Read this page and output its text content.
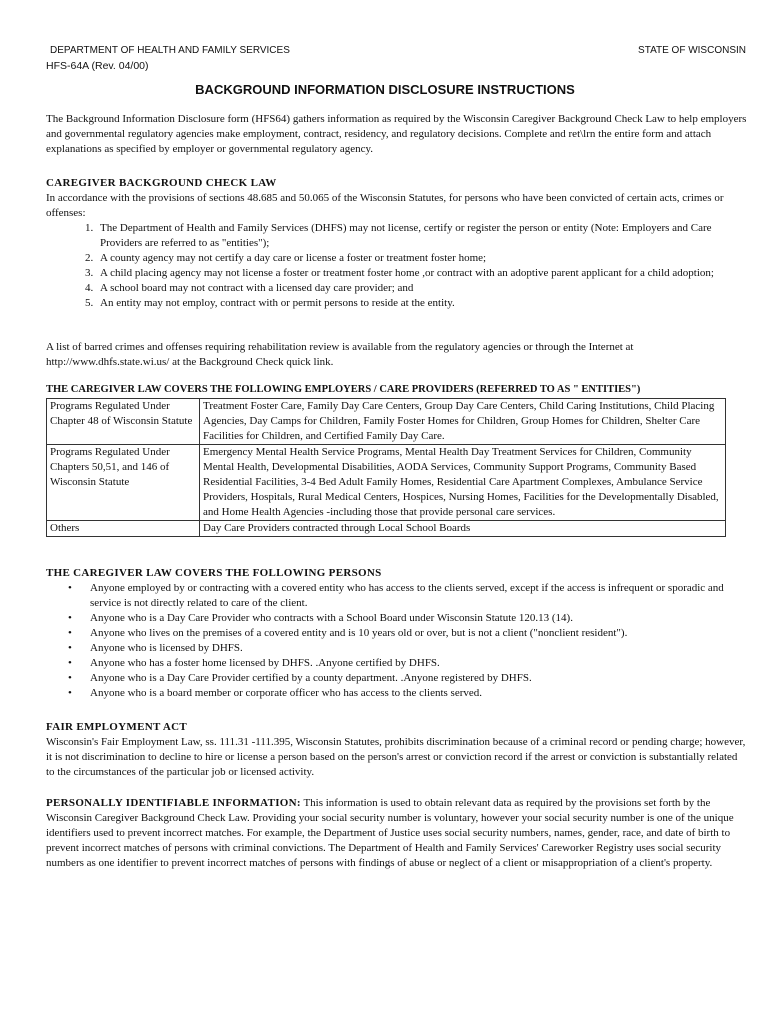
DEPARTMENT OF HEALTH AND FAMILY SERVICES	STATE OF WISCONSIN
HFS-64A (Rev. 04/00)
BACKGROUND INFORMATION DISCLOSURE INSTRUCTIONS
The Background Information Disclosure form (HFS64) gathers information as required by the Wisconsin Caregiver Background Check Law to help employers and governmental regulatory agencies make employment, contract, residency, and regulatory decisions. Complete and ret\lrn the entire form and attach explanations as specified by employer or governmental regulatory agency.
CAREGIVER BACKGROUND CHECK LAW
In accordance with the provisions of sections 48.685 and 50.065 of the Wisconsin Statutes, for persons who have been convicted of certain acts, crimes or offenses:
1. The Department of Health and Family Services (DHFS) may not license, certify or register the person or entity (Note: Employers and Care Providers are referred to as "entities");
2. A county agency may not certify a day care or license a foster or treatment foster home;
3. A child placing agency may not license a foster or treatment foster home ,or contract with an adoptive parent applicant for a child adoption;
4. A school board may not contract with a licensed day care provider; and
5. An entity may not employ, contract with or permit persons to reside at the entity.
A list of barred crimes and offenses requiring rehabilitation review is available from the regulatory agencies or through the Internet at http://www.dhfs.state.wi.us/ at the Background Check quick link.
THE CAREGIVER LAW COVERS THE FOLLOWING EMPLOYERS / CARE PROVIDERS (REFERRED TO AS " ENTITIES")
Programs Regulated Under Chapter 48 of Wisconsin Statute	Treatment Foster Care, Family Day Care Centers, Group Day Care Centers, Child Caring Institutions, Child Placing Agencies, Day Camps for Children, Family Foster Homes for Children, Group Homes for Children, Shelter Care Facilities for Children, and Certified Family Day Care.
Programs Regulated Under Chapters 50,51, and 146 of Wisconsin Statute	Emergency Mental Health Service Programs, Mental Health Day Treatment Services for Children, Community Mental Health, Developmental Disabilities, AODA Services, Community Support Programs, Community Based Residential Facilities, 3-4 Bed Adult Family Homes, Residential Care Apartment Complexes, Ambulance Service Providers, Hospitals, Rural Medical Centers, Hospices, Nursing Homes, Facilities for the Developmentally Disabled, and Home Health Agencies -including those that provide personal care services.
Others	Day Care Providers contracted through Local School Boards
THE CAREGIVER LAW COVERS THE FOLLOWING PERSONS
• Anyone employed by or contracting with a covered entity who has access to the clients served, except if the access is infrequent or sporadic and service is not directly related to care of the client.
• Anyone who is a Day Care Provider who contracts with a School Board under Wisconsin Statute 120.13 (14).
• Anyone who lives on the premises of a covered entity and is 10 years old or over, but is not a client ("nonclient resident").
• Anyone who is licensed by DHFS.
• Anyone who has a foster home licensed by DHFS. .Anyone certified by DHFS.
• Anyone who is a Day Care Provider certified by a county department. .Anyone registered by DHFS.
• Anyone who is a board member or corporate officer who has access to the clients served.
FAIR EMPLOYMENT ACT
Wisconsin's Fair Employment Law, ss. 111.31 -111.395, Wisconsin Statutes, prohibits discrimination because of a criminal record or pending charge; however, it is not discrimination to decline to hire or license a person based on the person's arrest or conviction record if the arrest or conviction is substantially related to the circumstances of the particular job or licensed activity.
PERSONALLY IDENTIFIABLE INFORMATION: This information is used to obtain relevant data as required by the provisions set forth by the Wisconsin Caregiver Background Check Law. Providing your social security number is voluntary, however your social security number is one of the unique identifiers used to prevent incorrect matches. For example, the Department of Justice uses social security numbers, names, gender, race, and date of birth to prevent incorrect matches of persons with criminal convictions. The Department of Health and Family Services' Careworker Registry uses social security numbers as one identifier to prevent incorrect matches of persons with findings of abuse or neglect of a client or misappropriation of a client's property.
